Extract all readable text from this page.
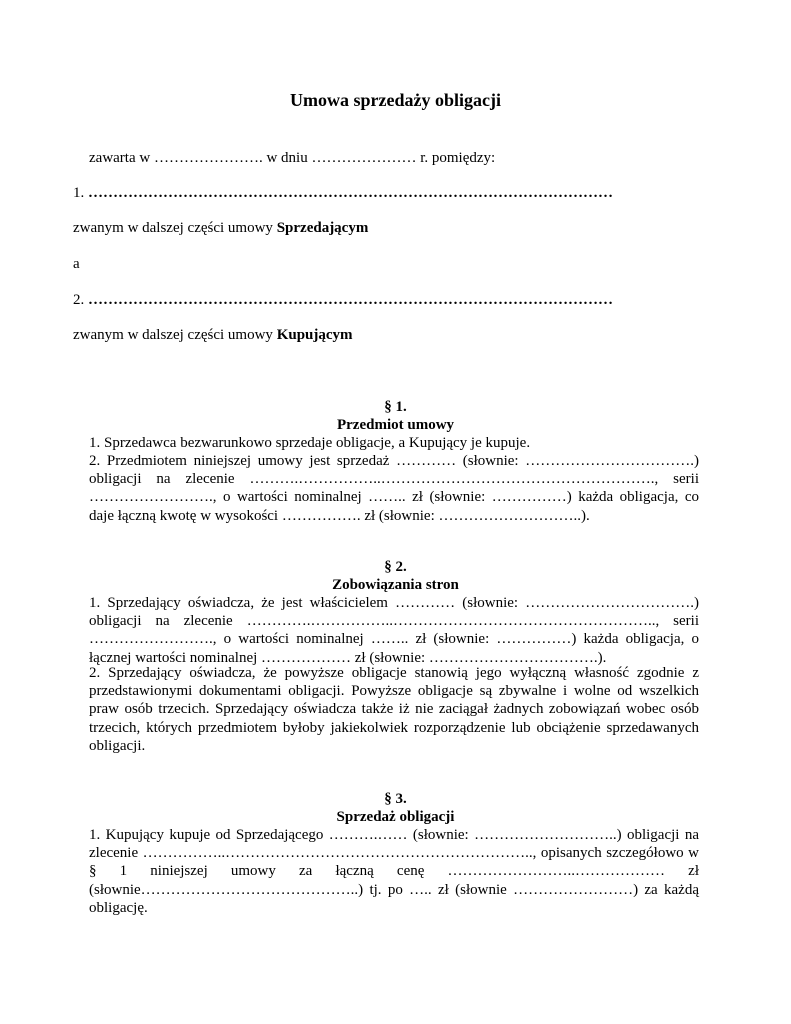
Umowa sprzedaży obligacji

zawarta w …………………. w dniu ………………… r. pomiędzy:

1. ……………………………………………………………………………………………

zwanym w dalszej części umowy Sprzedającym

a

2. ……………………………………………………………………………………………

zwanym w dalszej części umowy Kupującym

§ 1.

Przedmiot umowy

1. Sprzedawca bezwarunkowo sprzedaje obligacje, a Kupujący je kupuje.

2. Przedmiotem niniejszej umowy jest sprzedaż ………… (słownie: …………………………….) obligacji na zlecenie ……….……………..………………………………………………., serii ……………………., o wartości nominalnej …….. zł (słownie: ……………) każda obligacja, co daje łączną kwotę w wysokości ……………. zł (słownie: ………………………..).

§ 2.

Zobowiązania stron

1. Sprzedający oświadcza, że jest właścicielem ………… (słownie: …………………………….) obligacji na zlecenie ………….……………..…………………………………………….., serii ……………………., o wartości nominalnej …….. zł (słownie: ……………) każda obligacja, o łącznej wartości nominalnej ……………… zł (słownie: …………………………….).

2. Sprzedający oświadcza, że powyższe obligacje stanowią jego wyłączną własność zgodnie z przedstawionymi dokumentami obligacji. Powyższe obligacje są zbywalne i wolne od wszelkich praw osób trzecich. Sprzedający oświadcza także iż nie zaciągał żadnych zobowiązań wobec osób trzecich, których przedmiotem byłoby jakiekolwiek rozporządzenie lub obciążenie sprzedawanych obligacji.

§ 3.

Sprzedaż obligacji

1. Kupujący kupuje od Sprzedającego ……….…… (słownie: ………………………..) obligacji na zlecenie ……………..…………………………………………………….., opisanych szczegółowo w § 1 niniejszej umowy za łączną cenę ……………………..……………… zł (słownie……………………………………..) tj. po ….. zł (słownie ……………………) za każdą obligację.
